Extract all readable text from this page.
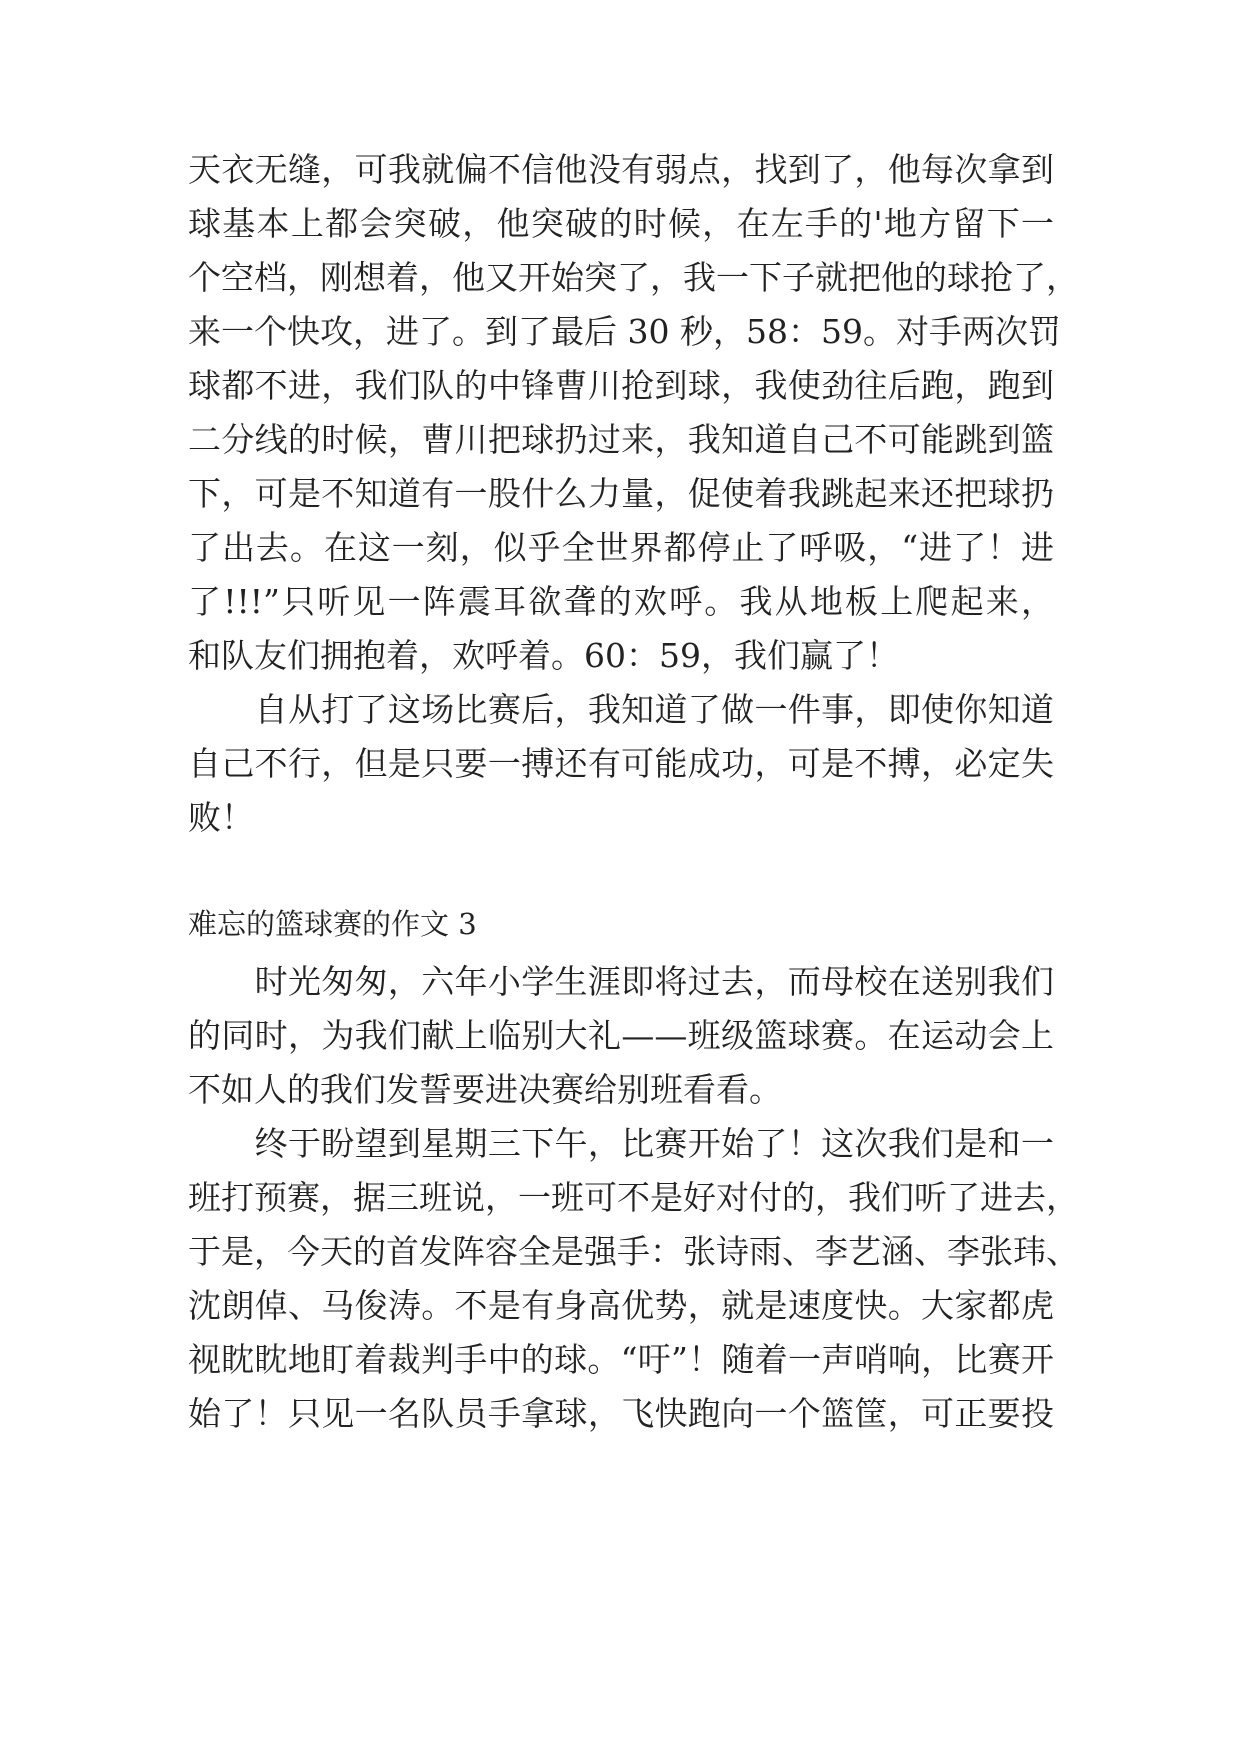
天衣无缝，可我就偏不信他没有弱点，找到了，他每次拿到
球基本上都会突破，他突破的时候，在左手的'地方留下一
个空档，刚想着，他又开始突了，我一下子就把他的球抢了，
来一个快攻，进了。到了最后 30 秒，58：59。对手两次罚
球都不进，我们队的中锋曹川抢到球，我使劲往后跑，跑到
二分线的时候，曹川把球扔过来，我知道自己不可能跳到篮
下，可是不知道有一股什么力量，促使着我跳起来还把球扔
了出去。在这一刻，似乎全世界都停止了呼吸，“进了！进
了!!!”只听见一阵震耳欲聋的欢呼。我从地板上爬起来，
和队友们拥抱着，欢呼着。60：59，我们赢了！
　　自从打了这场比赛后，我知道了做一件事，即使你知道
自己不行，但是只要一搏还有可能成功，可是不搏，必定失
败！
难忘的篮球赛的作文 3
　　时光匆匆，六年小学生涯即将过去，而母校在送别我们
的同时，为我们献上临别大礼——班级篮球赛。在运动会上
不如人的我们发誓要进决赛给别班看看。
　　终于盼望到星期三下午，比赛开始了！这次我们是和一
班打预赛，据三班说，一班可不是好对付的，我们听了进去，
于是，今天的首发阵容全是强手：张诗雨、李艺涵、李张玮、
沈朗倬、马俊涛。不是有身高优势，就是速度快。大家都虎
视眈眈地盯着裁判手中的球。“吁”！随着一声哨响，比赛开
始了！只见一名队员手拿球，飞快跑向一个篮筐，可正要投
